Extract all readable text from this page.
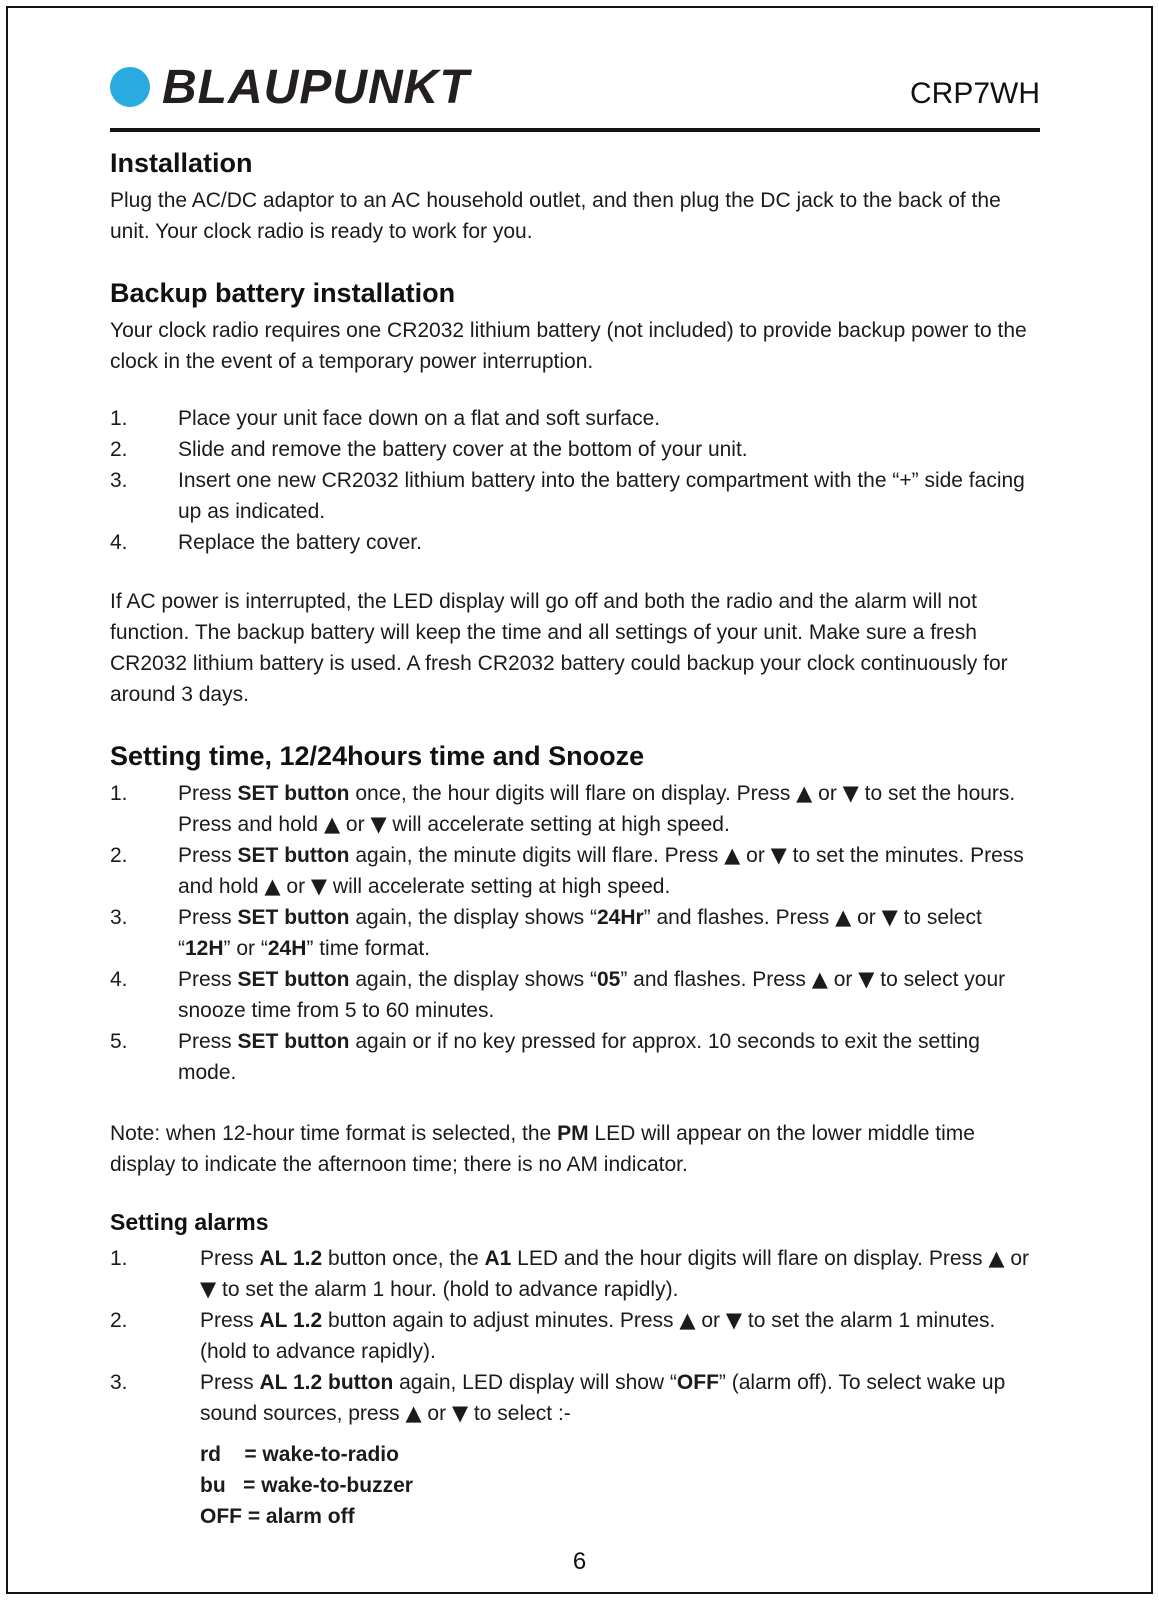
BLAUPUNKT	CRP7WH
Installation

Plug the AC/DC adaptor to an AC household outlet, and then plug the DC jack to the back of the unit. Your clock radio is ready to work for you.

Backup battery installation

Your clock radio requires one CR2032 lithium battery (not included) to provide backup power to the clock in the event of a temporary power interruption.

1.	Place your unit face down on a flat and soft surface.
2.	Slide and remove the battery cover at the bottom of your unit.
3.	Insert one new CR2032 lithium battery into the battery compartment with the “+” side facing up as indicated.
4.	Replace the battery cover.

If AC power is interrupted, the LED display will go off and both the radio and the alarm will not function. The backup battery will keep the time and all settings of your unit. Make sure a fresh CR2032 lithium battery is used. A fresh CR2032 battery could backup your clock continuously for around 3 days.

Setting time, 12/24hours time and Snooze
1.	Press SET button once, the hour digits will flare on display. Press ▲ or ▼ to set the hours. Press and hold ▲ or ▼ will accelerate setting at high speed.
2.	Press SET button again, the minute digits will flare. Press ▲ or ▼ to set the minutes. Press and hold ▲ or ▼ will accelerate setting at high speed.
3.	Press SET button again, the display shows “24Hr” and flashes. Press ▲ or ▼ to select “12H” or “24H” time format.
4.	Press SET button again, the display shows “05” and flashes. Press ▲ or ▼ to select your snooze time from 5 to 60 minutes.
5.	Press SET button again or if no key pressed for approx. 10 seconds to exit the setting mode.

Note: when 12-hour time format is selected, the PM LED will appear on the lower middle time display to indicate the afternoon time; there is no AM indicator.

Setting alarms
1.	Press AL 1.2 button once, the A1 LED and the hour digits will flare on display. Press ▲ or ▼ to set the alarm 1 hour. (hold to advance rapidly).
2.	Press AL 1.2 button again to adjust minutes. Press ▲ or ▼ to set the alarm 1 minutes. (hold to advance rapidly).
3.	Press AL 1.2 button again, LED display will show “OFF” (alarm off). To select wake up sound sources, press ▲ or ▼ to select :-
rd    = wake-to-radio
bu   = wake-to-buzzer
OFF = alarm off
6
